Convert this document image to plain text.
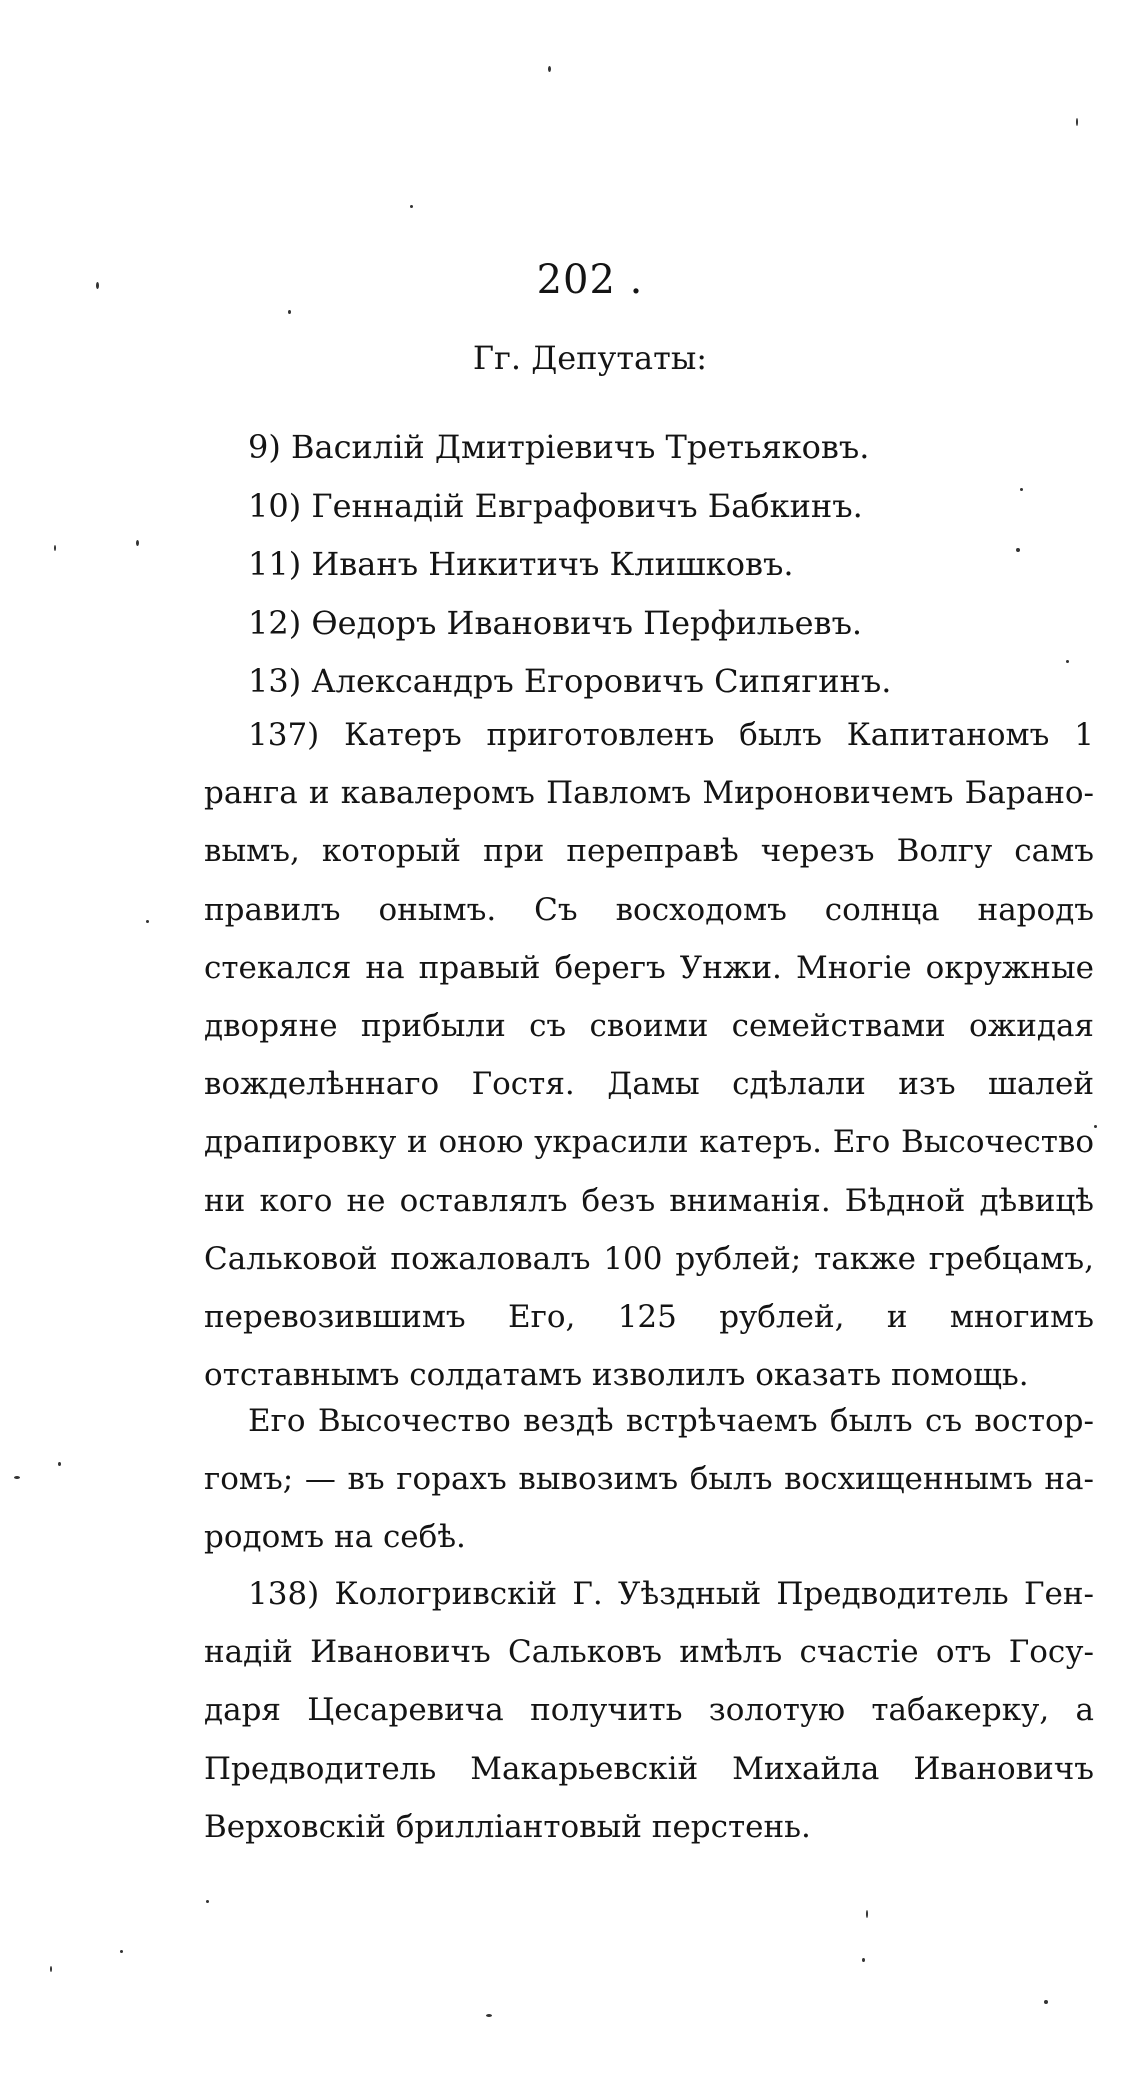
202 .
Гг. Депутаты:
9) Василій Дмитріевичъ Третьяковъ.
10) Геннадій Евграфовичъ Бабкинъ.
11) Иванъ Никитичъ Клишковъ.
12) Ѳедоръ Ивановичъ Перфильевъ.
13) Александръ Егоровичъ Сипягинъ.

137) Катеръ приготовленъ былъ Капитаномъ 1 ранга и кавалеромъ Павломъ Мироновичемъ Барановымъ, который при переправѣ черезъ Волгу самъ правилъ онымъ. Съ восходомъ солнца народъ стекался на правый берегъ Унжи. Многіе окружные дворяне прибыли съ своими семействами ожидая вожделѣннаго Гостя. Дамы сдѣлали изъ шалей драпировку и оною украсили катеръ. Его Высочество ни кого не оставлялъ безъ вниманія. Бѣдной дѣвицѣ Сальковой пожаловалъ 100 рублей; также гребцамъ, перевозившимъ Его, 125 рублей, и многимъ отставнымъ солдатамъ изволилъ оказать помощь.

Его Высочество вездѣ встрѣчаемъ былъ съ восторгомъ; — въ горахъ вывозимъ былъ восхищеннымъ народомъ на себѣ.

138) Кологривскій Г. Уѣздный Предводитель Геннадій Ивановичъ Сальковъ имѣлъ счастіе отъ Государя Цесаревича получить золотую табакерку, а Предводитель Макарьевскій Михайла Ивановичъ Верховскій брилліантовый перстень.
